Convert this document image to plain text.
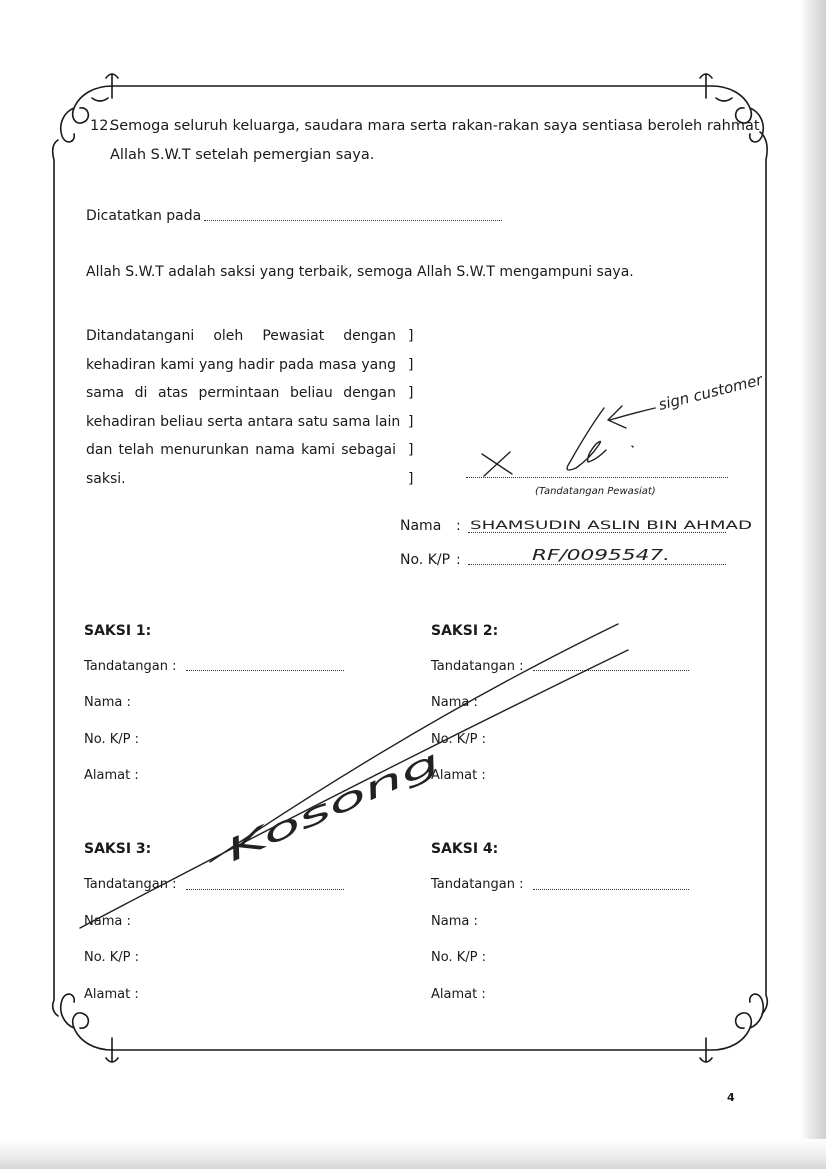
12.
Semoga seluruh keluarga, saudara mara serta rakan-rakan saya sentiasa beroleh rahmat
Allah S.W.T setelah pemergian saya.
Dicatatkan pada
Allah S.W.T adalah saksi yang terbaik, semoga Allah S.W.T mengampuni saya.
Ditandatangani oleh Pewasiat dengan
kehadiran kami yang hadir pada masa yang
sama di atas permintaan beliau dengan
kehadiran beliau serta antara satu sama lain
dan telah menurunkan nama kami sebagai
saksi.
]
]
]
]
]
]
(Tandatangan Pewasiat)
Nama :
No. K/P :
SAKSI 1:
Tandatangan :
Nama :
No. K/P :
Alamat :
SAKSI 2:
Tandatangan :
Nama :
No. K/P :
Alamat :
SAKSI 3:
Tandatangan :
Nama :
No. K/P :
Alamat :
SAKSI 4:
Tandatangan :
Nama :
No. K/P :
Alamat :
sign customer
SHAMSUDIN ASLIN BIN AHMAD
RF/0095547.
Kosong
4
